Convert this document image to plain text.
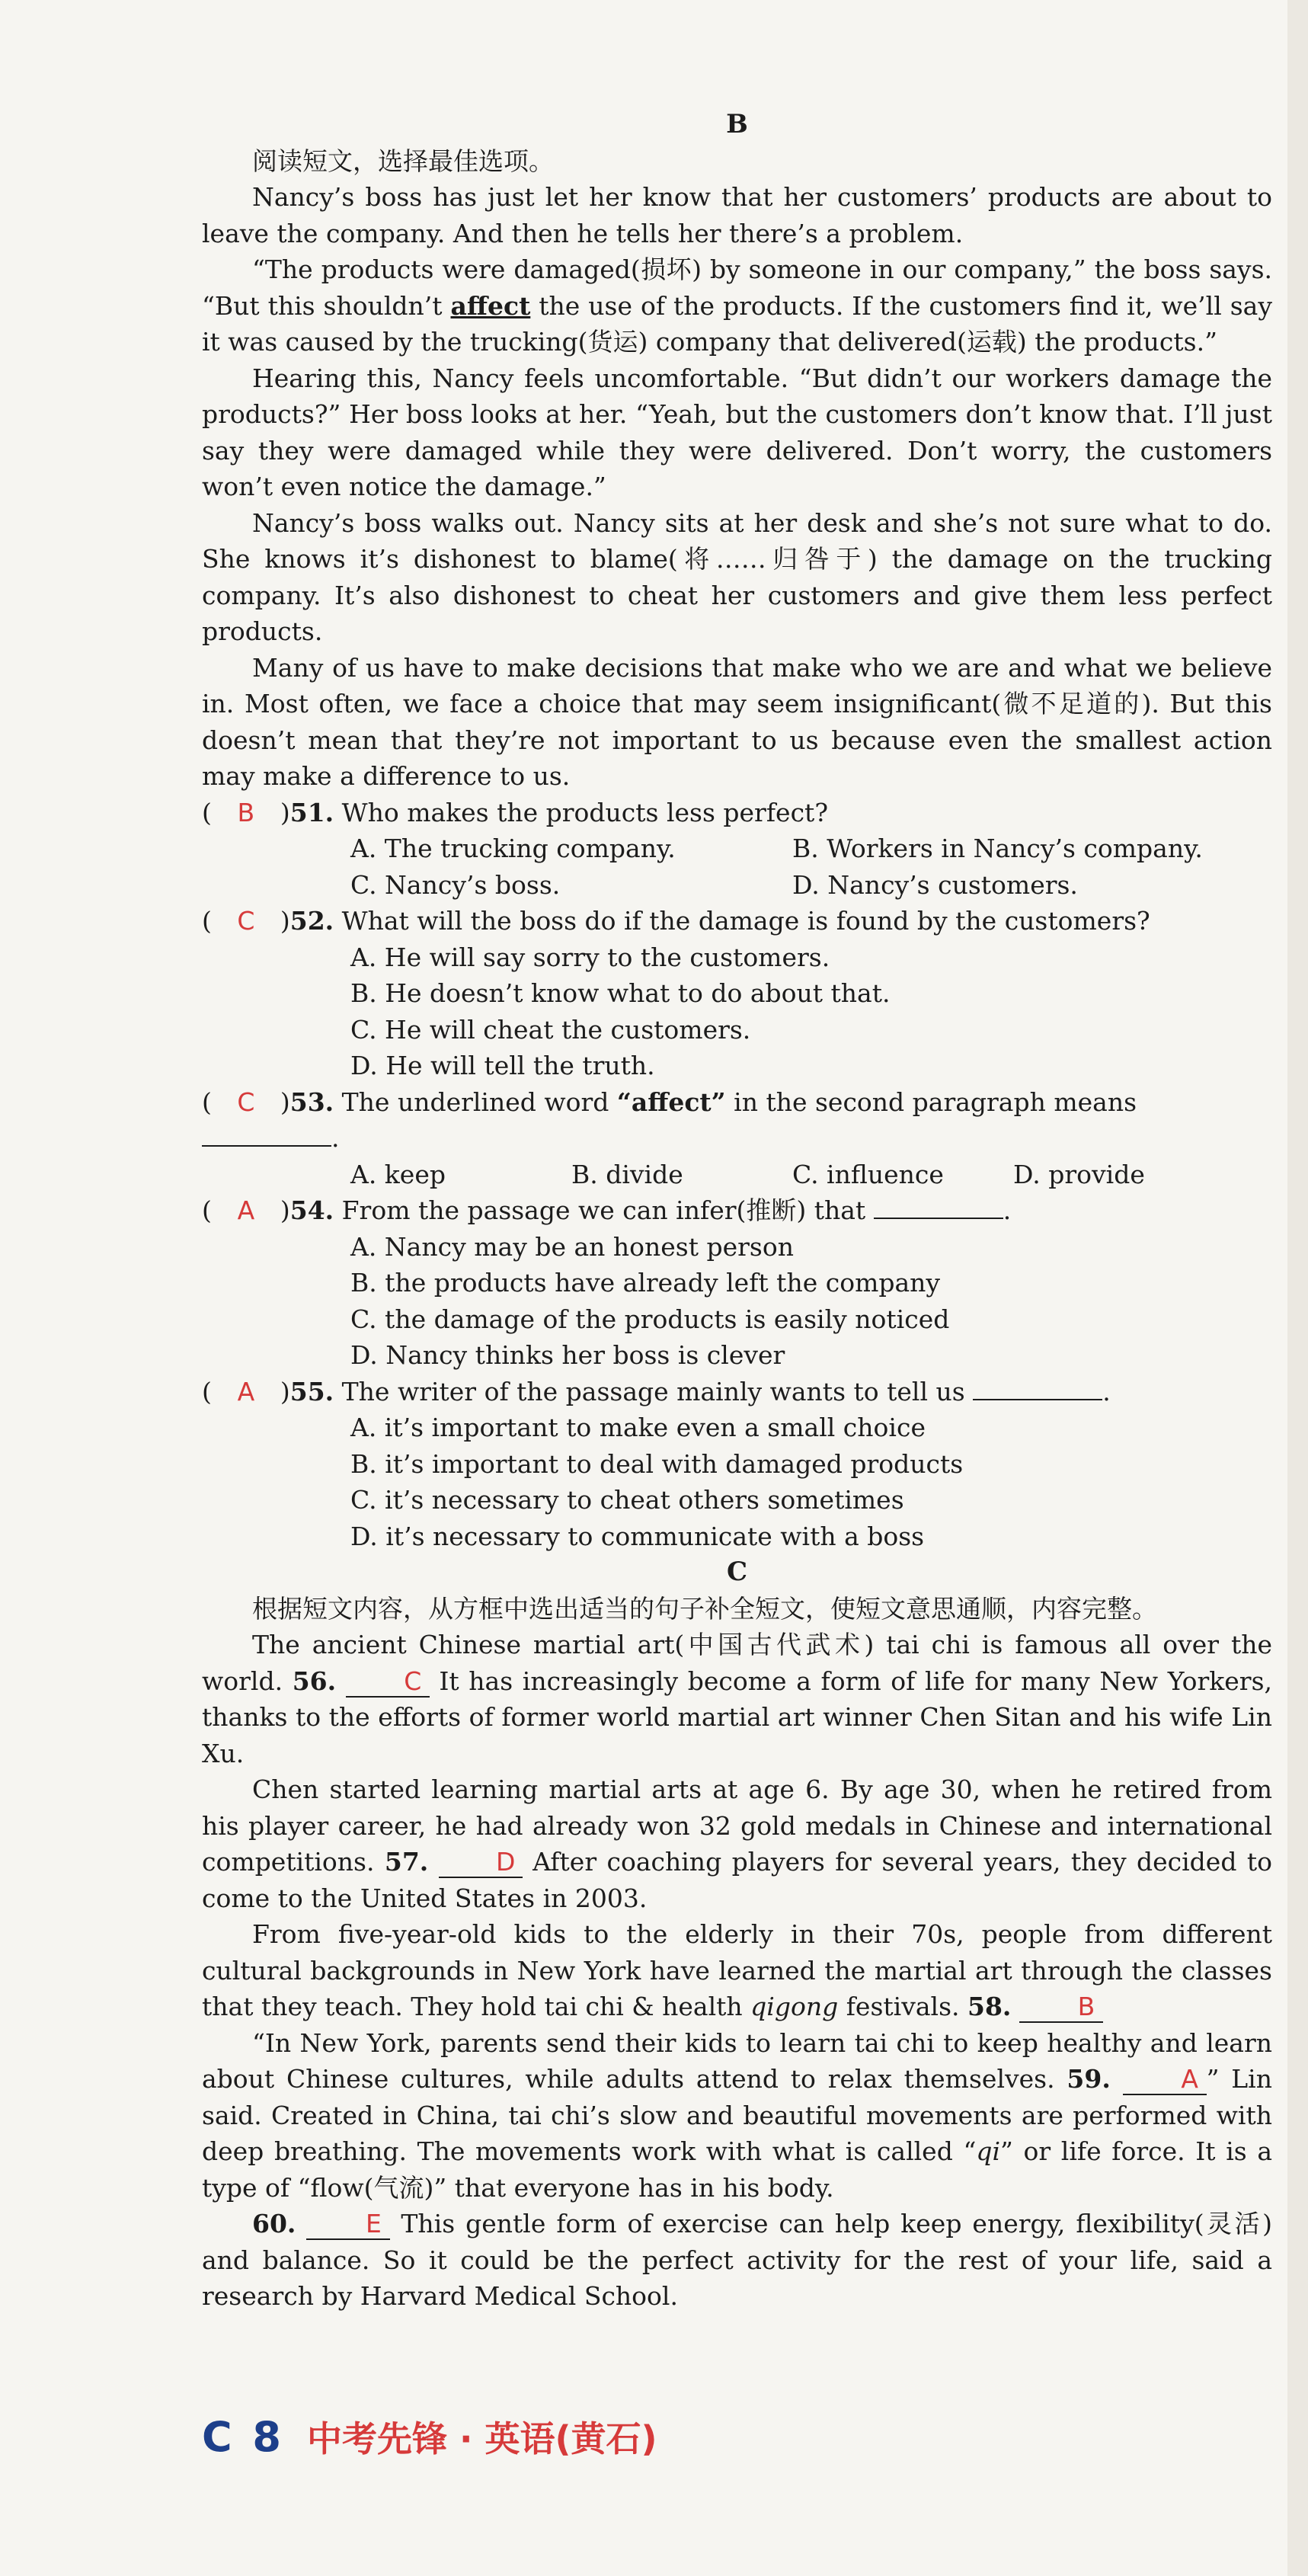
B

阅读短文，选择最佳选项。

Nancy’s boss has just let her know that her customers’ products are about to leave the company. And then he tells her there’s a problem.

“The products were damaged(损坏) by someone in our company,” the boss says. “But this shouldn’t affect the use of the products. If the customers find it, we’ll say it was caused by the trucking(货运) company that delivered(运载) the products.”

Hearing this, Nancy feels uncomfortable. “But didn’t our workers damage the products?” Her boss looks at her. “Yeah, but the customers don’t know that. I’ll just say they were damaged while they were delivered. Don’t worry, the customers won’t even notice the damage.”

Nancy’s boss walks out. Nancy sits at her desk and she’s not sure what to do. She knows it’s dishonest to blame(将……归咎于) the damage on the trucking company. It’s also dishonest to cheat her customers and give them less perfect products.

Many of us have to make decisions that make who we are and what we believe in. Most often, we face a choice that may seem insignificant(微不足道的). But this doesn’t mean that they’re not important to us because even the smallest action may make a difference to us.

( B )51. Who makes the products less perfect?

A. The trucking company.	B. Workers in Nancy’s company.

C. Nancy’s boss.	D. Nancy’s customers.

( C )52. What will the boss do if the damage is found by the customers?

A. He will say sorry to the customers.

B. He doesn’t know what to do about that.

C. He will cheat the customers.

D. He will tell the truth.

( C )53. The underlined word “affect” in the second paragraph means .

A. keep	B. divide	C. influence	D. provide

( A )54. From the passage we can infer(推断) that	.

A. Nancy may be an honest person

B. the products have already left the company

C. the damage of the products is easily noticed

D. Nancy thinks her boss is clever

( A )55. The writer of the passage mainly wants to tell us	.

A. it’s important to make even a small choice

B. it’s important to deal with damaged products

C. it’s necessary to cheat others sometimes

D. it’s necessary to communicate with a boss

C

根据短文内容，从方框中选出适当的句子补全短文，使短文意思通顺，内容完整。

The ancient Chinese martial art(中国古代武术) tai chi is famous all over the world. 56.	C It has increasingly become a form of life for many New Yorkers, thanks to the efforts of former world martial art winner Chen Sitan and his wife Lin Xu.

Chen started learning martial arts at age 6. By age 30, when he retired from his player career, he had already won 32 gold medals in Chinese and international competitions. 57.	D After coaching players for several years, they decided to come to the United States in 2003.

From five-year-old kids to the elderly in their 70s, people from different cultural backgrounds in New York have learned the martial art through the classes that they teach. They hold tai chi & health qigong festivals. 58.	B

“In New York, parents send their kids to learn tai chi to keep healthy and learn about Chinese cultures, while adults attend to relax themselves. 59.	A ” Lin said. Created in China, tai chi’s slow and beautiful movements are performed with deep breathing. The movements work with what is called “qi” or life force. It is a type of “flow(气流)” that everyone has in his body.

60.	E This gentle form of exercise can help keep energy, flexibility(灵活) and balance. So it could be the perfect activity for the rest of your life, said a research by Harvard Medical School.

C 8 中考先锋 · 英语(黄石)
